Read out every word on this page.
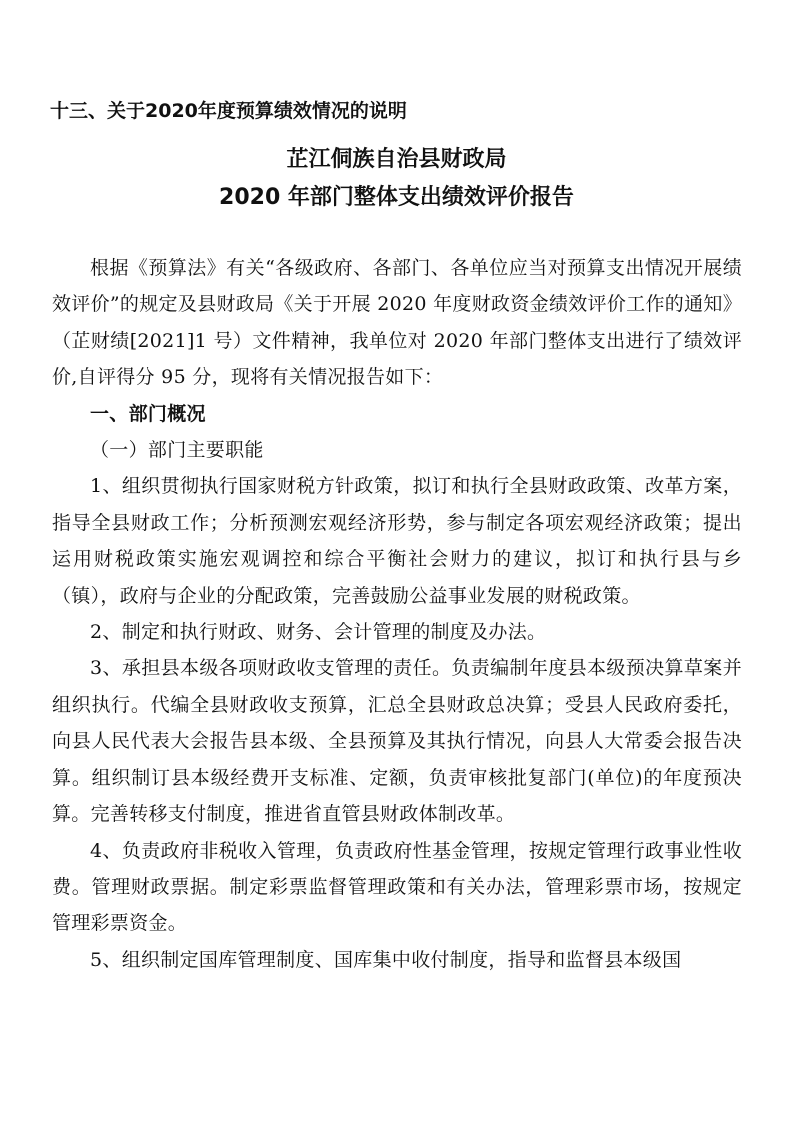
十三、关于2020年度预算绩效情况的说明
芷江侗族自治县财政局
2020 年部门整体支出绩效评价报告

根据《预算法》有关“各级政府、各部门、各单位应当对预算支出情况开展绩效评价”的规定及县财政局《关于开展 2020 年度财政资金绩效评价工作的通知》（芷财绩[2021]1 号）文件精神，我单位对 2020 年部门整体支出进行了绩效评价,自评得分 95 分，现将有关情况报告如下：

一、部门概况

（一）部门主要职能

1、组织贯彻执行国家财税方针政策，拟订和执行全县财政政策、改革方案，指导全县财政工作；分析预测宏观经济形势，参与制定各项宏观经济政策；提出运用财税政策实施宏观调控和综合平衡社会财力的建议，拟订和执行县与乡（镇），政府与企业的分配政策，完善鼓励公益事业发展的财税政策。

2、制定和执行财政、财务、会计管理的制度及办法。

3、承担县本级各项财政收支管理的责任。负责编制年度县本级预决算草案并组织执行。代编全县财政收支预算，汇总全县财政总决算；受县人民政府委托，向县人民代表大会报告县本级、全县预算及其执行情况，向县人大常委会报告决算。组织制订县本级经费开支标准、定额，负责审核批复部门(单位)的年度预决算。完善转移支付制度，推进省直管县财政体制改革。

4、负责政府非税收入管理，负责政府性基金管理，按规定管理行政事业性收费。管理财政票据。制定彩票监督管理政策和有关办法，管理彩票市场，按规定管理彩票资金。

5、组织制定国库管理制度、国库集中收付制度，指导和监督县本级国
